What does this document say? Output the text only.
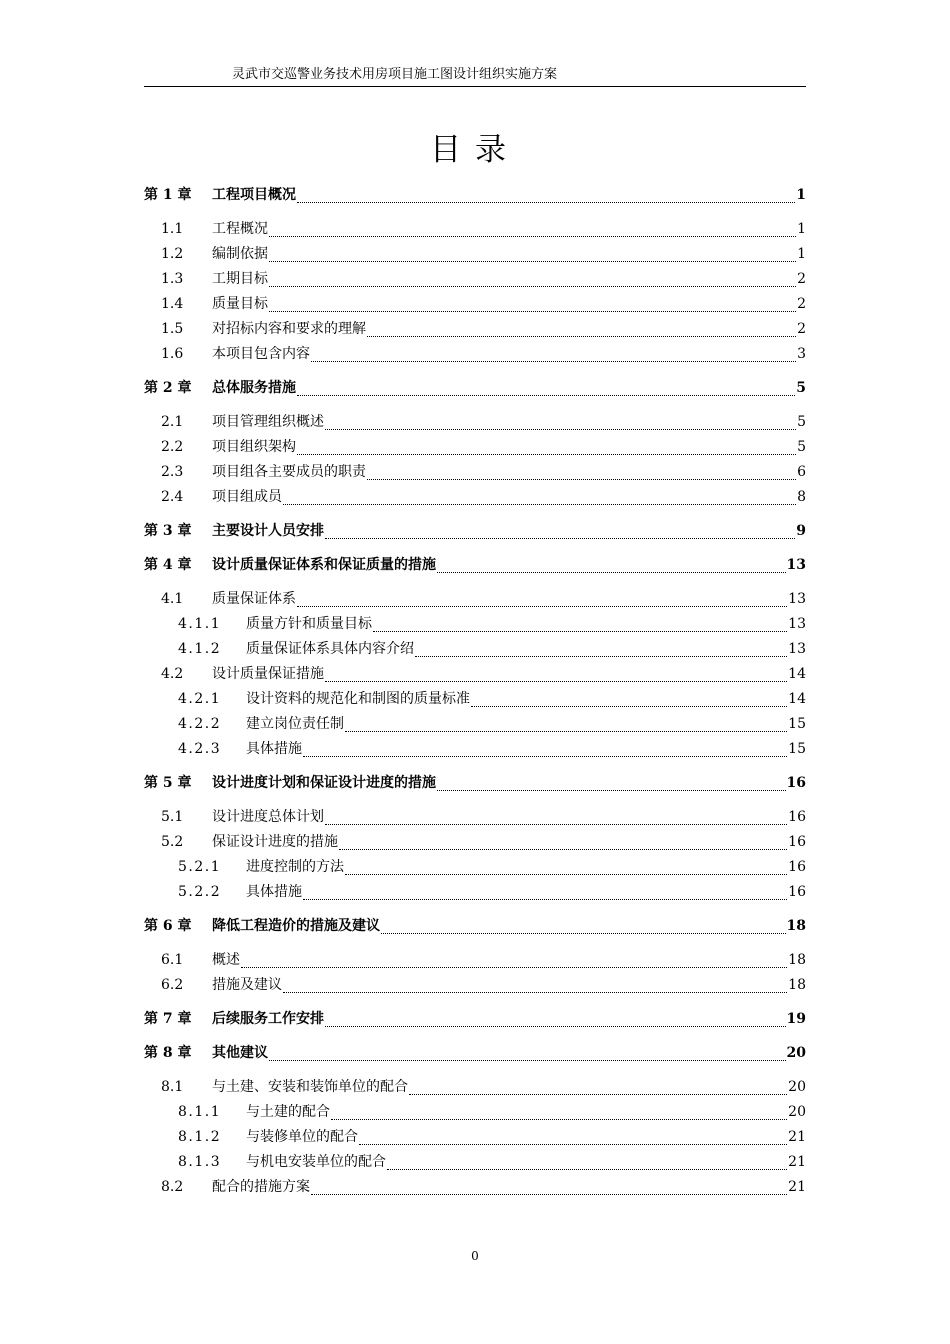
灵武市交巡警业务技术用房项目施工图设计组织实施方案
目录
第 1 章	工程项目概况	1
1.1	工程概况	1
1.2	编制依据	1
1.3	工期目标	2
1.4	质量目标	2
1.5	对招标内容和要求的理解	2
1.6	本项目包含内容	3
第 2 章	总体服务措施	5
2.1	项目管理组织概述	5
2.2	项目组织架构	5
2.3	项目组各主要成员的职责	6
2.4	项目组成员	8
第 3 章	主要设计人员安排	9
第 4 章	设计质量保证体系和保证质量的措施	13
4.1	质量保证体系	13
4.1.1	质量方针和质量目标	13
4.1.2	质量保证体系具体内容介绍	13
4.2	设计质量保证措施	14
4.2.1	设计资料的规范化和制图的质量标准	14
4.2.2	建立岗位责任制	15
4.2.3	具体措施	15
第 5 章	设计进度计划和保证设计进度的措施	16
5.1	设计进度总体计划	16
5.2	保证设计进度的措施	16
5.2.1	进度控制的方法	16
5.2.2	具体措施	16
第 6 章	降低工程造价的措施及建议	18
6.1	概述	18
6.2	措施及建议	18
第 7 章	后续服务工作安排	19
第 8 章	其他建议	20
8.1	与土建、安装和装饰单位的配合	20
8.1.1	与土建的配合	20
8.1.2	与装修单位的配合	21
8.1.3	与机电安装单位的配合	21
8.2	配合的措施方案	21
0
